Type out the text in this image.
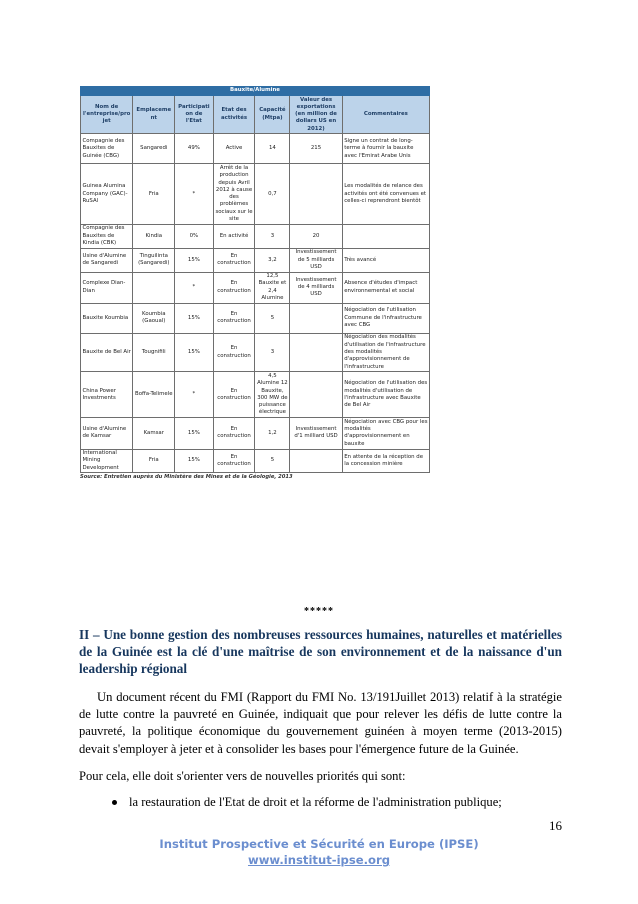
Bauxite/Alumine						
Nom de l'entreprise/projet	Emplacement	Participation de l'Etat	Etat des activités	Capacité (Mtpa)	Valeur des exportations (en million de dollars US en 2012)	Commentaires
Compagnie des Bauxites de Guinée (CBG)	Sangaredi	49%	Active	14	215	Signe un contrat de long-terme à fournir la bauxite avec l'Emirat Arabe Unis
Guinea Alumina Company (GAC)- RuSAl	Fria	*	Arrêt de la production depuis Avril 2012 à cause des problèmes sociaux sur le site	0,7		Les modalités de relance des activités ont été convenues et celles-ci reprendront bientôt
Compagnie des Bauxites de Kindia (CBK)	Kindia	0%	En activité	3	20	
Usine d'Alumine de Sangaredi	Tinguilinta (Sangaredi)	15%	En construction	3,2	Investissement de 5 milliards USD	Très avancé
Complexe Dian-Dian		*	En construction	12,5 Bauxite et 2,4 Alumine	Investissement de 4 milliards USD	Absence d'études d'impact environnemental et social
Bauxite Koumbia	Koumbia (Gaoual)	15%	En construction	5		Négociation de l'utilisation Commune de l'infrastructure avec CBG
Bauxite de Bel Air	Tougnifili	15%	En construction	3		Négociation des modalités d'utilisation de l'infrastructure des modalités d'approvisionnement de l'infrastructure
China Power Investments	Boffa-Telimele	*	En construction	4,5 Alumine 12 Bauxite, 300 MW de puissance électrique		Négociation de l'utilisation des modalités d'utilisation de l'infrastructure avec Bauxite de Bel Air
Usine d'Alumine de Kamsar	Kamsar	15%	En construction	1,2	Investissement d'1 milliard USD	Négociation avec CBG pour les modalités d'approvisionnement en bauxite
International Mining Development	Fria	15%	En construction	5		En attente de la réception de la concession minière
Source: Entretien auprès du Ministère des Mines et de la Géologie, 2013
*****
II – Une bonne gestion des nombreuses ressources humaines, naturelles et matérielles de la Guinée est la clé d'une maîtrise de son environnement et de la naissance d'un leadership régional
Un document récent du FMI (Rapport du FMI No. 13/191Juillet 2013) relatif à la stratégie de lutte contre la pauvreté en Guinée, indiquait que pour relever les défis de lutte contre la pauvreté, la politique économique du gouvernement guinéen à moyen terme (2013-2015) devait s'employer à jeter et à consolider les bases pour l'émergence future de la Guinée.
Pour cela, elle doit s'orienter vers de nouvelles priorités qui sont:
la restauration de l'Etat de droit et la réforme de l'administration publique;
16
Institut Prospective et Sécurité en Europe (IPSE)
www.institut-ipse.org
